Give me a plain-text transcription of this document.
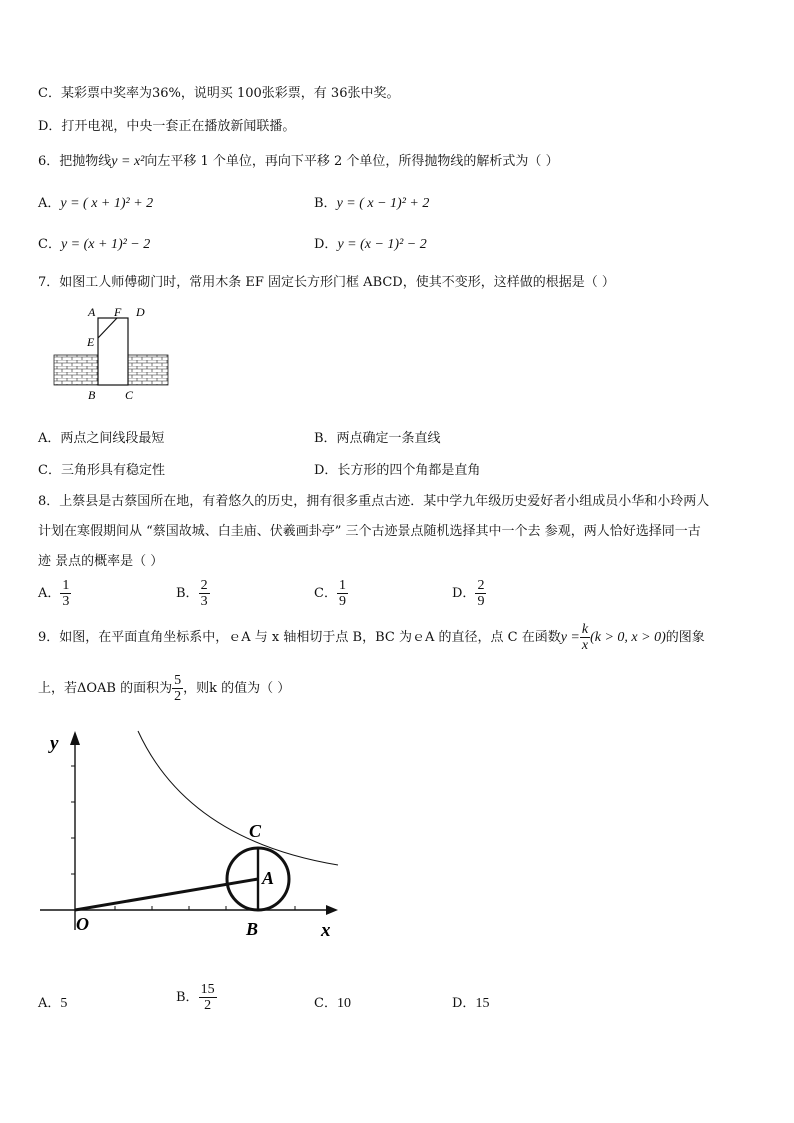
C．某彩票中奖率为36%，说明买 100张彩票，有 36张中奖。
D．打开电视，中央一套正在播放新闻联播。
6．把抛物线y = x²向左平移 1 个单位，再向下平移 2 个单位，所得抛物线的解析式为（ ）
A．y = ( x + 1)² + 2	B．y = ( x − 1)² + 2
C．y = (x + 1)² − 2	D．y = (x − 1)² − 2
7．如图工人师傅砌门时，常用木条 EF 固定长方形门框 ABCD，使其不变形，这样做的根据是（ ）
A F D
E
B C
A．两点之间线段最短	B．两点确定一条直线
C．三角形具有稳定性	D．长方形的四个角都是直角
8．上蔡县是古蔡国所在地，有着悠久的历史，拥有很多重点古迹．某中学九年级历史爱好者小组成员小华和小玲两人
计划在寒假期间从 “蔡国故城、白圭庙、伏羲画卦亭” 三个古迹景点随机选择其中一个去 参观，两人恰好选择同一古
迹 景点的概率是（ ）
A． $\frac{1}{3}$	B． $\frac{2}{3}$	C． $\frac{1}{9}$	D． $\frac{2}{9}$
9．如图，在平面直角坐标系中，ｅA 与 x 轴相切于点 B，BC 为ｅA 的直径，点 C 在函数$y = \frac{k}{x} (k > 0$, x > 0)的图象
上，若ΔOAB 的面积为 $\frac{5}{2}$ ，则k 的值为（ ）
y
x
O
A
B
C
A．5	B． $\frac{15}{2}$	C．10	D．15
